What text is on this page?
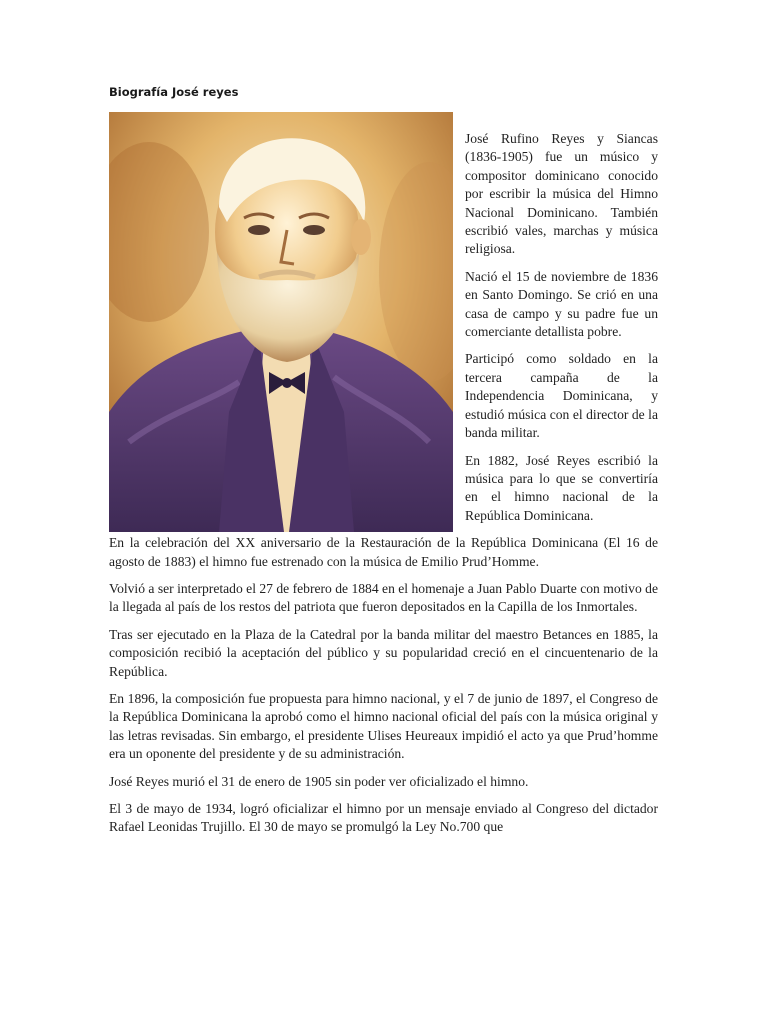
Biografía José reyes

José Rufino Reyes y Siancas (1836-1905) fue un músico y compositor dominicano conocido por escribir la música del Himno Nacional Dominicano. También escribió vales, marchas y música religiosa.

Nació el 15 de noviembre de 1836 en Santo Domingo. Se crió en una casa de campo y su padre fue un comerciante detallista pobre.

Participó como soldado en la tercera campaña de la Independencia Dominicana, y estudió música con el director de la banda militar.

En 1882, José Reyes escribió la música para lo que se convertiría en el himno nacional de la República Dominicana.

En la celebración del XX aniversario de la Restauración de la República Dominicana (El 16 de agosto de 1883) el himno fue estrenado con la música de Emilio Prud’Homme.

Volvió a ser interpretado el 27 de febrero de 1884 en el homenaje a Juan Pablo Duarte con motivo de la llegada al país de los restos del patriota que fueron depositados en la Capilla de los Inmortales.

Tras ser ejecutado en la Plaza de la Catedral por la banda militar del maestro Betances en 1885, la composición recibió la aceptación del público y su popularidad creció en el cincuentenario de la República.

En 1896, la composición fue propuesta para himno nacional, y el 7 de junio de 1897, el Congreso de la República Dominicana la aprobó como el himno nacional oficial del país con la música original y las letras revisadas. Sin embargo, el presidente Ulises Heureaux impidió el acto ya que Prud’homme era un oponente del presidente y de su administración.

José Reyes murió el 31 de enero de 1905 sin poder ver oficializado el himno.

El 3 de mayo de 1934, logró oficializar el himno por un mensaje enviado al Congreso del dictador Rafael Leonidas Trujillo. El 30 de mayo se promulgó la Ley No.700 que
